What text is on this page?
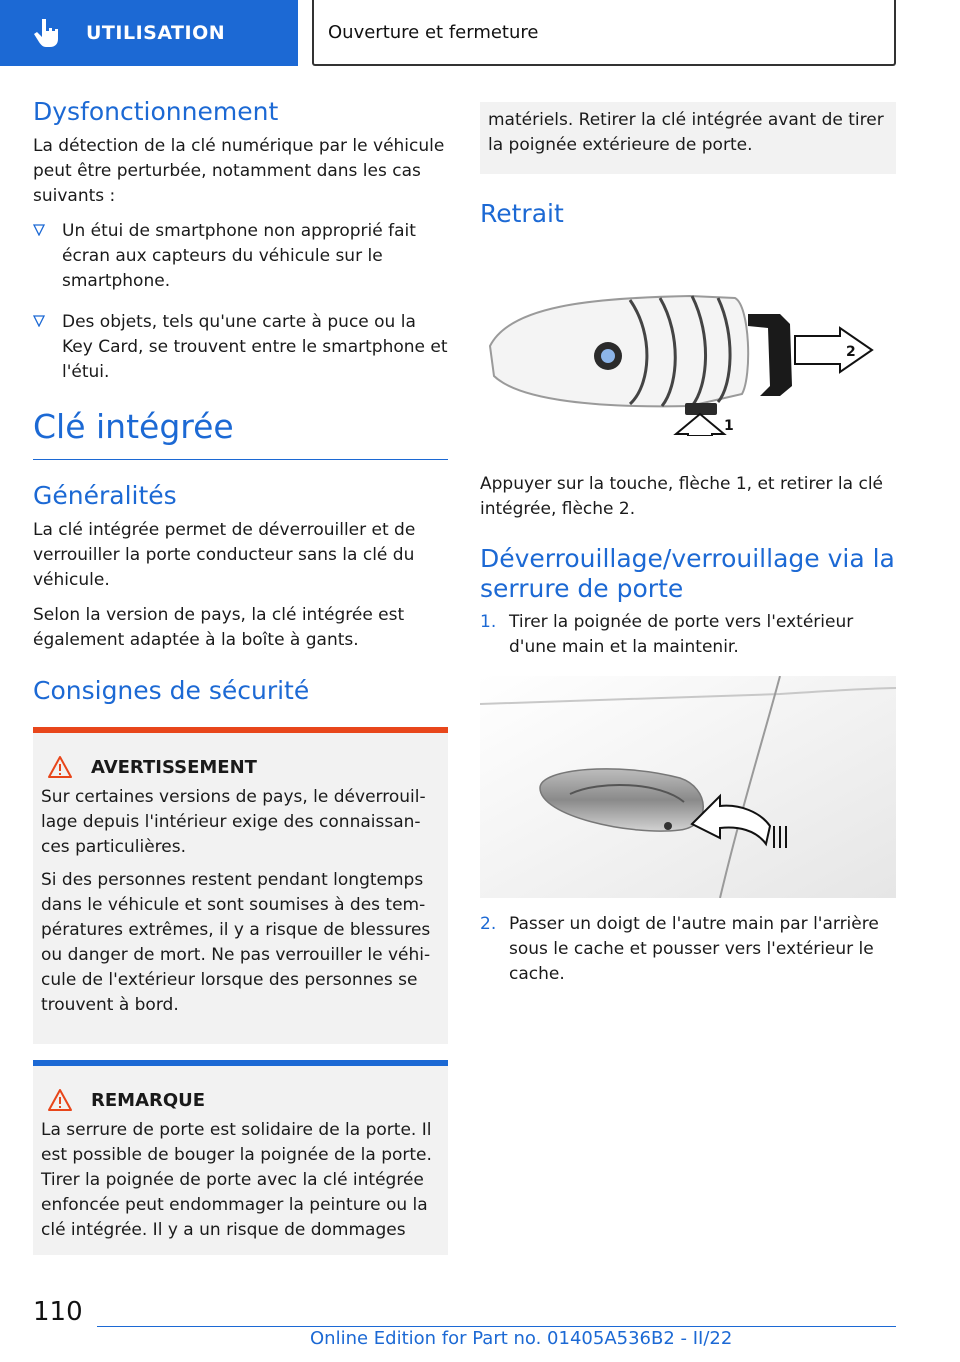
UTILISATION	Ouverture et fermeture
Dysfonctionnement

La détection de la clé numérique par le véhicule peut être perturbée, notamment dans les cas suivants :

Un étui de smartphone non approprié fait écran aux capteurs du véhicule sur le smartphone.
Des objets, tels qu'une carte à puce ou la Key Card, se trouvent entre le smartphone et l'étui.
Clé intégrée
Généralités

La clé intégrée permet de déverrouiller et de verrouiller la porte conducteur sans la clé du véhicule.

Selon la version de pays, la clé intégrée est également adaptée à la boîte à gants.

Consignes de sécurité
AVERTISSEMENT

Sur certaines versions de pays, le déverrouillage depuis l'intérieur exige des connaissances particulières.

Si des personnes restent pendant longtemps dans le véhicule et sont soumises à des températures extrêmes, il y a risque de blessures ou danger de mort. Ne pas verrouiller le véhicule de l'extérieur lorsque des personnes se trouvent à bord.

REMARQUE

La serrure de porte est solidaire de la porte. Il est possible de bouger la poignée de la porte. Tirer la poignée de porte avec la clé intégrée enfoncée peut endommager la peinture ou la clé intégrée. Il y a un risque de dommages

matériels. Retirer la clé intégrée avant de tirer la poignée extérieure de porte.

Retrait
2
1

Appuyer sur la touche, flèche 1, et retirer la clé intégrée, flèche 2.

Déverrouillage/verrouillage via la serrure de porte
1. Tirer la poignée de porte vers l'extérieur d'une main et la maintenir.
2. Passer un doigt de l'autre main par l'arrière sous le cache et pousser vers l'extérieur le cache.
110
Online Edition for Part no. 01405A536B2 - II/22
